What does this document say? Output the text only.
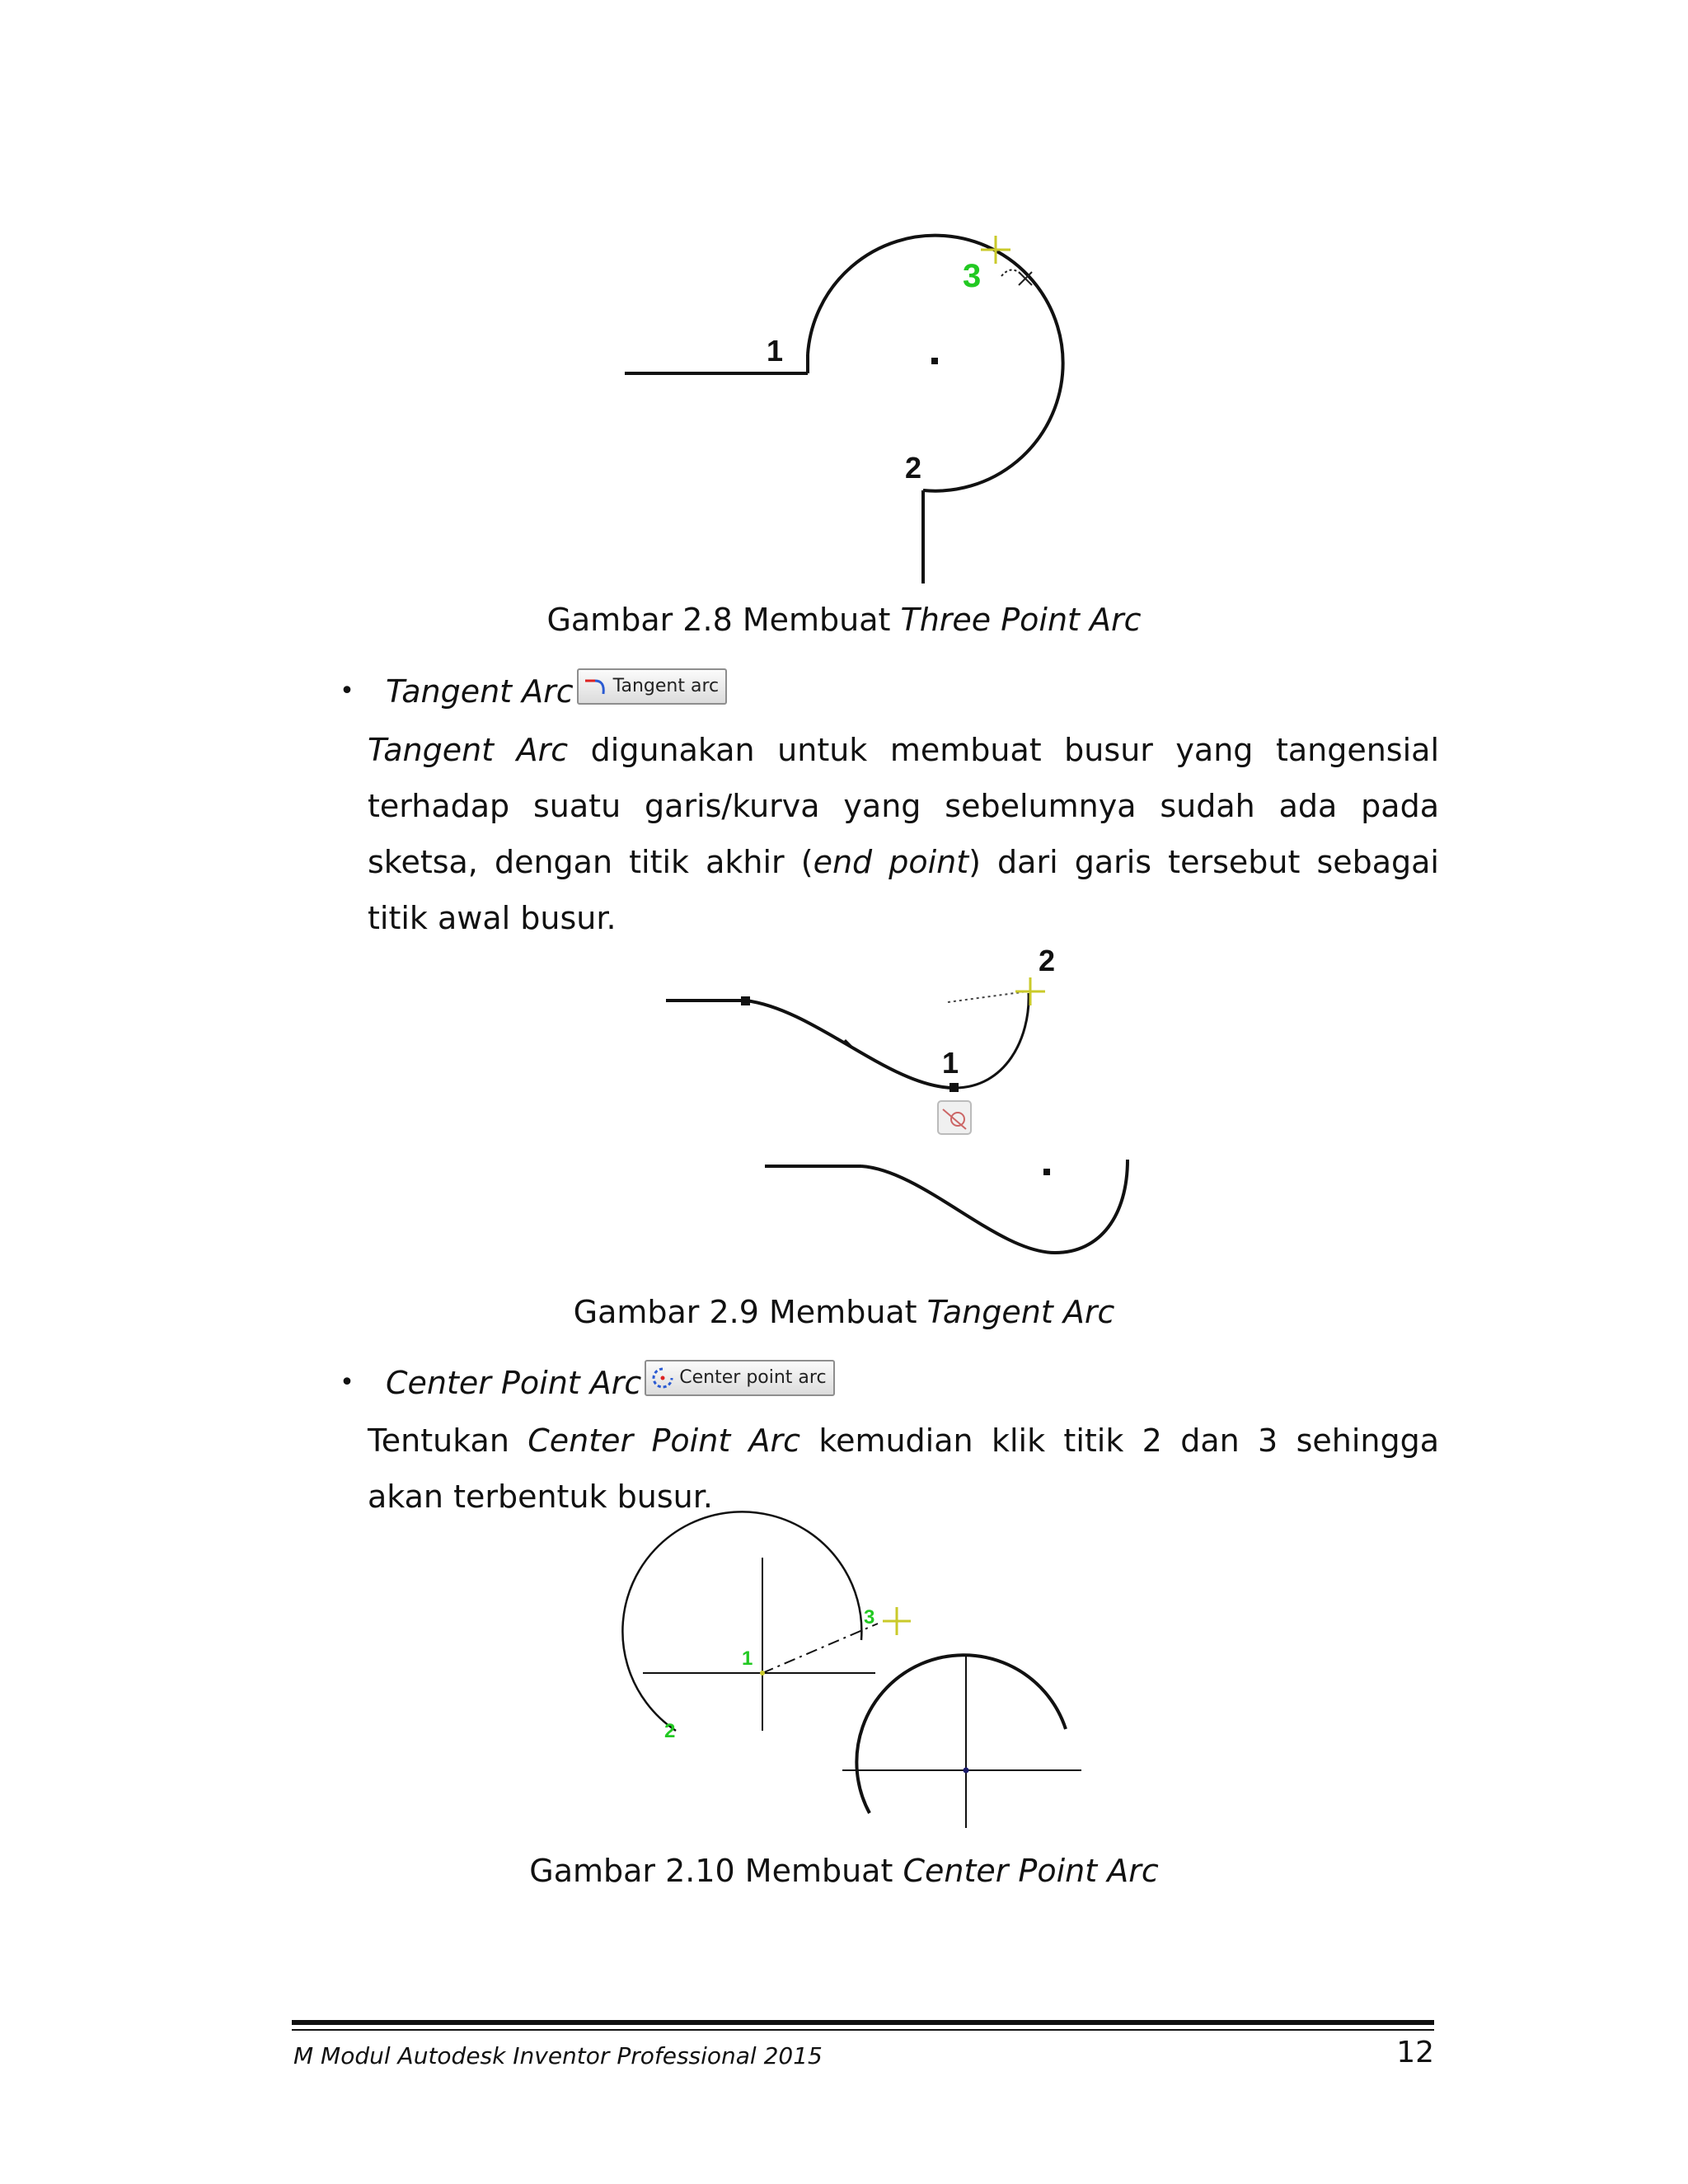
1
2
3
Gambar 2.8 Membuat Three Point Arc
•	Tangent Arc Tangent arc
Tangent Arc digunakan untuk membuat busur yang tangensial terhadap suatu garis/kurva yang sebelumnya sudah ada pada sketsa, dengan titik akhir (end point) dari garis tersebut sebagai titik awal busur.
2
1
Gambar 2.9 Membuat Tangent Arc
•	Center Point Arc Center point arc
Tentukan Center Point Arc kemudian klik titik 2 dan 3 sehingga akan terbentuk busur.
1
2
3
Gambar 2.10 Membuat Center Point Arc
M Modul Autodesk Inventor Professional 2015	12
